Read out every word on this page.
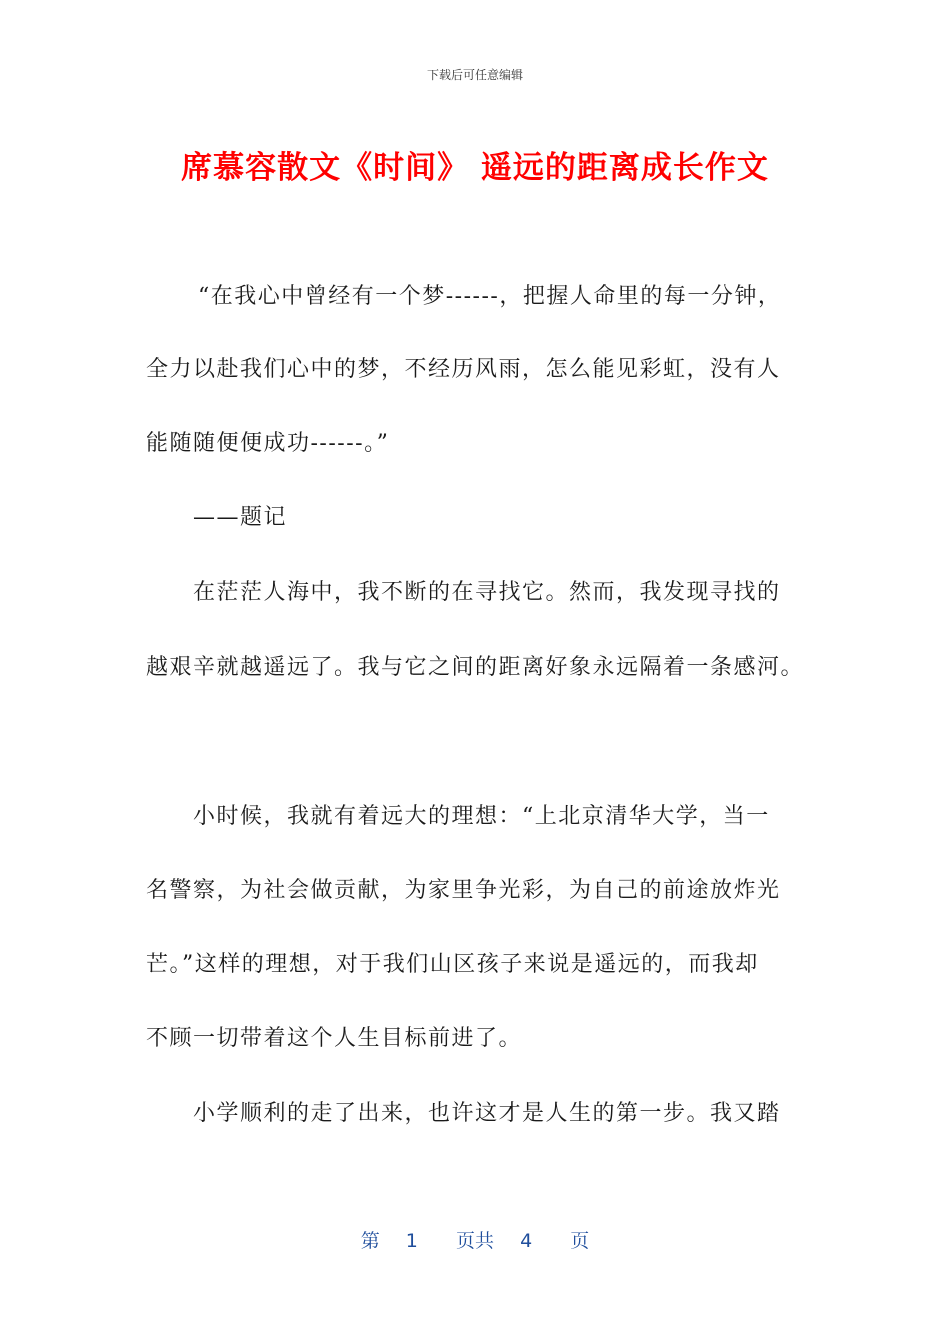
下载后可任意编辑
席慕容散文《时间》 遥远的距离成长作文
“在我心中曾经有一个梦------，把握人命里的每一分钟，
全力以赴我们心中的梦，不经历风雨，怎么能见彩虹，没有人
能随随便便成功------。”
——题记
在茫茫人海中，我不断的在寻找它。然而，我发现寻找的
越艰辛就越遥远了。我与它之间的距离好象永远隔着一条感河。
小时候，我就有着远大的理想：“上北京清华大学，当一
名警察，为社会做贡献，为家里争光彩，为自己的前途放炸光
芒。”这样的理想，对于我们山区孩子来说是遥远的，而我却
不顾一切带着这个人生目标前进了。
小学顺利的走了出来，也许这才是人生的第一步。我又踏
第 1 页共 4 页
